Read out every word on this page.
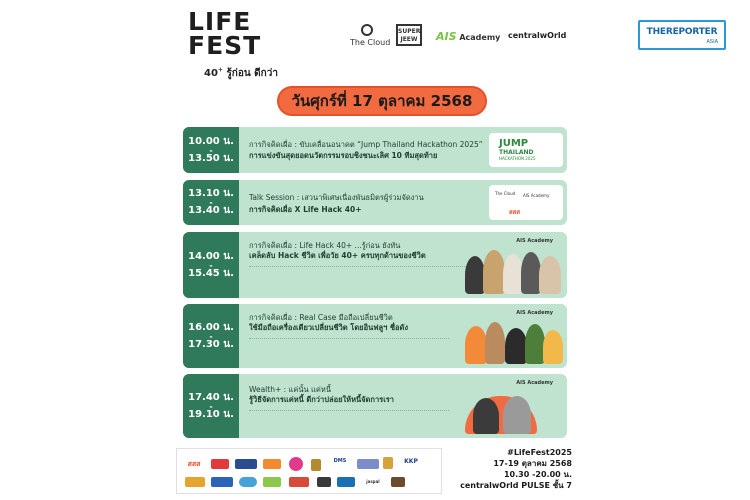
LIFE
FEST
40+ รู้ก่อน ดีกว่า
The Cloud
SUPER
JEEW AIS Academy centralwOrld
วันศุกร์ที่ 17 ตุลาคม 2568
10.00 น.
-
13.50 น.
การกิจคิดเผื่อ : ขับเคลื่อนอนาคต “Jump Thailand Hackathon 2025”
การแข่งขันสุดยอดนวัตกรรมรอบชิงชนะเลิศ 10 ทีมสุดท้าย
JUMP
THAILAND
HACKATHON 2025
13.10 น.
-
13.40 น.
Talk Session : เสวนาพิเศษเนื่องพันธมิตรผู้ร่วมจัดงาน
การกิจคิดเผื่อ X Life Hack 40+
The Cloud AIS Academy
สสส
14.00 น.
-
15.45 น.
การกิจคิดเผื่อ : Life Hack 40+ ...รู้ก่อน ยังทัน
เคล็ดลับ Hack ชีวิต เพื่อวัย 40+ ครบทุกด้านของชีวิต
AIS Academy
16.00 น.
-
17.30 น.
การกิจคิดเผื่อ : Real Case มือถือเปลี่ยนชีวิต
ใช้มือถือเครื่องเดียวเปลี่ยนชีวิต โดยอินฟลูฯ ชื่อดัง
AIS Academy
17.40 น.
-
19.10 น.
Wealth+ : แค่นั้น แค่หนี้
รู้วิธีจัดการแค่หนี้ ดีกว่าปล่อยให้หนี้จัดการเรา
AIS Academy
สสส	DMS	KKP
jaspal
#LifeFest2025
17-19 ตุลาคม 2568
10.30 -20.00 น.
centralwOrld PULSE ชั้น 7
THEREPORTER
ASIA
